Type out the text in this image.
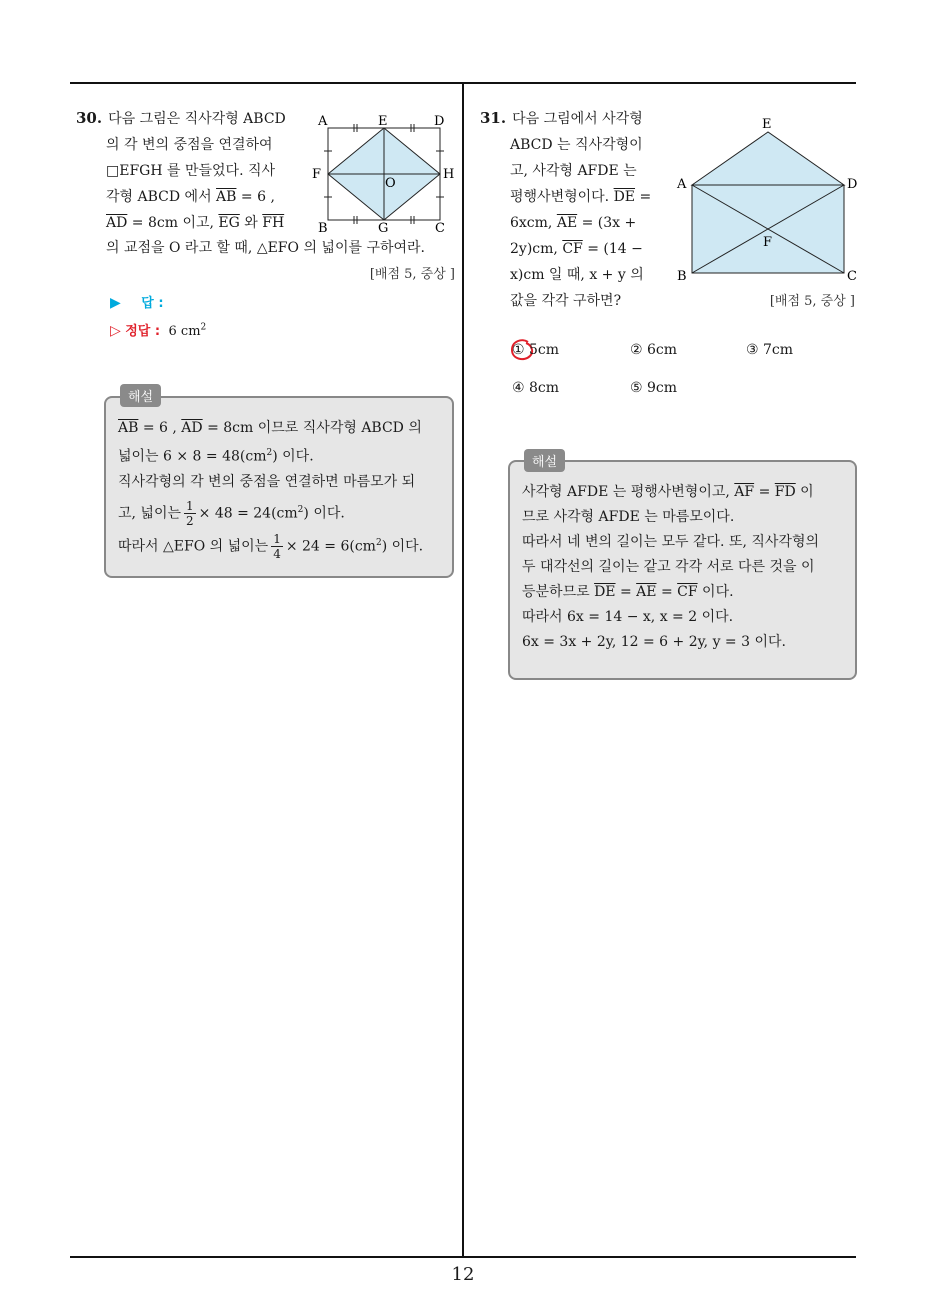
12
30. 다음 그림은 직사각형 ABCD
의 각 변의 중점을 연결하여
□EFGH 를 만들었다. 직사
각형 ABCD 에서 $\overline{AB} = 6$ ,
$\overline{AD} = 8cm$ 이고, $\overline{EG}$ 와 $\overline{FH}$
의 교점을 O 라고 할 때, △EFO 의 넓이를 구하여라.
[배점 5, 중상 ]
A	E	D
F
O
H
B	G	C
▶ 답 :
▷ 정답 : 6 $cm^2$
$\overline{AB} = 6$ , $\overline{AD} = 8cm$ 이므로 직사각형 ABCD 의
넓이는 $6 \times 8 = 48(cm^2)$ 이다.
직사각형의 각 변의 중점을 연결하면 마름모가 되
고, 넓이는 $\frac{1}{2} \times 48 = 24(cm^2)$ 이다.
따라서 △EFO 의 넓이는 $\frac{1}{4} \times 24 = 6(cm^2)$ 이다.
해설
31. 다음 그림에서 사각형
ABCD 는 직사각형이
고, 사각형 AFDE 는
평행사변형이다. $\overline{DE}$ =
6xcm, $\overline{AE} = (3x$ +
2y)cm, $\overline{CF} = (14$ −
x)cm 일 때, x + y 의
값을 각각 구하면?	[배점 5, 중상 ]
E
A	D
F
B	C
① 5cm	② 6cm	③ 7cm
④ 8cm	⑤ 9cm
사각형 AFDE 는 평행사변형이고, $\overline{AF} = \overline{FD}$ 이
므로 사각형 AFDE 는 마름모이다.
따라서 네 변의 길이는 모두 같다. 또, 직사각형의
두 대각선의 길이는 같고 각각 서로 다른 것을 이
등분하므로 $\overline{DE} = \overline{AE} = \overline{CF}$ 이다.
따라서 6x = 14 − x, x = 2 이다.
6x = 3x + 2y, 12 = 6 + 2y, y = 3 이다.
해설
